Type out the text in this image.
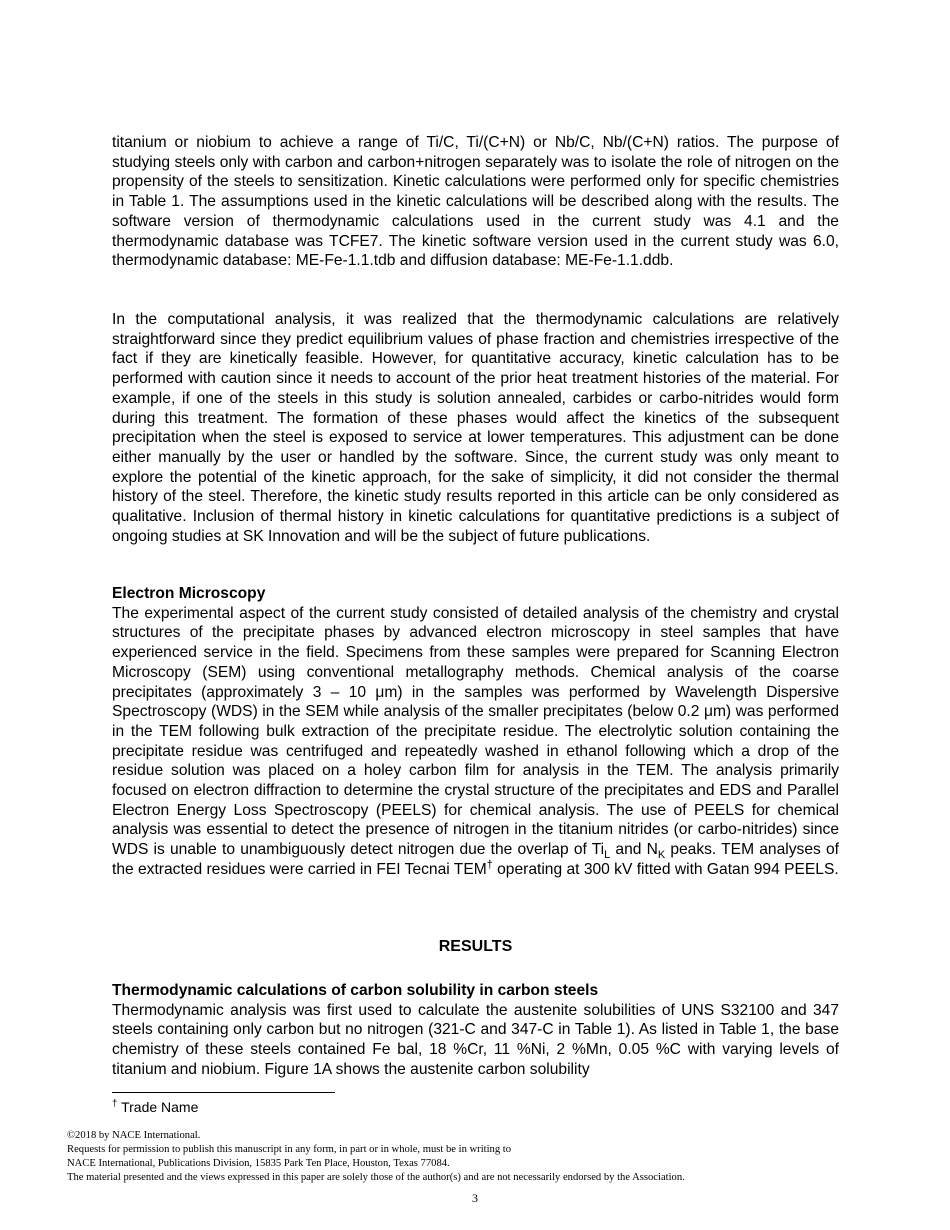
titanium or niobium to achieve a range of Ti/C, Ti/(C+N) or Nb/C, Nb/(C+N) ratios. The purpose of studying steels only with carbon and carbon+nitrogen separately was to isolate the role of nitrogen on the propensity of the steels to sensitization. Kinetic calculations were performed only for specific chemistries in Table 1. The assumptions used in the kinetic calculations will be described along with the results. The software version of thermodynamic calculations used in the current study was 4.1 and the thermodynamic database was TCFE7. The kinetic software version used in the current study was 6.0, thermodynamic database: ME-Fe-1.1.tdb and diffusion database: ME-Fe-1.1.ddb.

In the computational analysis, it was realized that the thermodynamic calculations are relatively straightforward since they predict equilibrium values of phase fraction and chemistries irrespective of the fact if they are kinetically feasible. However, for quantitative accuracy, kinetic calculation has to be performed with caution since it needs to account of the prior heat treatment histories of the material. For example, if one of the steels in this study is solution annealed, carbides or carbo-nitrides would form during this treatment. The formation of these phases would affect the kinetics of the subsequent precipitation when the steel is exposed to service at lower temperatures. This adjustment can be done either manually by the user or handled by the software. Since, the current study was only meant to explore the potential of the kinetic approach, for the sake of simplicity, it did not consider the thermal history of the steel. Therefore, the kinetic study results reported in this article can be only considered as qualitative. Inclusion of thermal history in kinetic calculations for quantitative predictions is a subject of ongoing studies at SK Innovation and will be the subject of future publications.

Electron Microscopy

The experimental aspect of the current study consisted of detailed analysis of the chemistry and crystal structures of the precipitate phases by advanced electron microscopy in steel samples that have experienced service in the field. Specimens from these samples were prepared for Scanning Electron Microscopy (SEM) using conventional metallography methods. Chemical analysis of the coarse precipitates (approximately 3 – 10 μm) in the samples was performed by Wavelength Dispersive Spectroscopy (WDS) in the SEM while analysis of the smaller precipitates (below 0.2 μm) was performed in the TEM following bulk extraction of the precipitate residue. The electrolytic solution containing the precipitate residue was centrifuged and repeatedly washed in ethanol following which a drop of the residue solution was placed on a holey carbon film for analysis in the TEM. The analysis primarily focused on electron diffraction to determine the crystal structure of the precipitates and EDS and Parallel Electron Energy Loss Spectroscopy (PEELS) for chemical analysis. The use of PEELS for chemical analysis was essential to detect the presence of nitrogen in the titanium nitrides (or carbo-nitrides) since WDS is unable to unambiguously detect nitrogen due the overlap of $Ti_L$ and $N_K$ peaks. TEM analyses of the extracted residues were carried in FEI Tecnai TEM† operating at 300 kV fitted with Gatan 994 PEELS.

RESULTS

Thermodynamic calculations of carbon solubility in carbon steels

Thermodynamic analysis was first used to calculate the austenite solubilities of UNS S32100 and 347 steels containing only carbon but no nitrogen (321-C and 347-C in Table 1). As listed in Table 1, the base chemistry of these steels contained Fe bal, 18 %Cr, 11 %Ni, 2 %Mn, 0.05 %C with varying levels of titanium and niobium. Figure 1A shows the austenite carbon solubility

† Trade Name
©2018 by NACE International.
Requests for permission to publish this manuscript in any form, in part or in whole, must be in writing to
NACE International, Publications Division, 15835 Park Ten Place, Houston, Texas 77084.
The material presented and the views expressed in this paper are solely those of the author(s) and are not necessarily endorsed by the Association.
3
